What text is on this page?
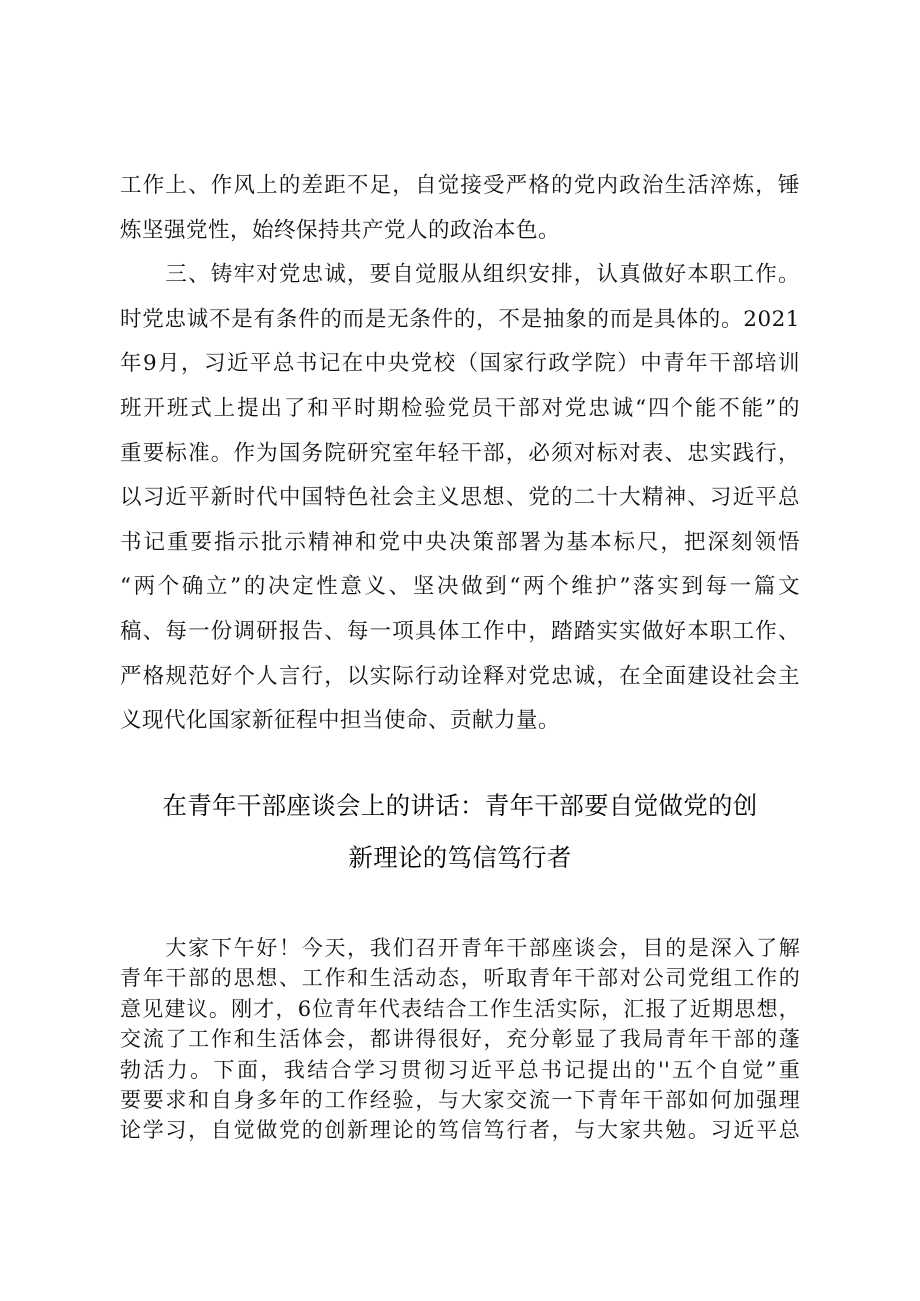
工作上、作风上的差距不足，自觉接受严格的党内政治生活淬炼，锤
炼坚强党性，始终保持共产党人的政治本色。
　　三、铸牢对党忠诚，要自觉服从组织安排，认真做好本职工作。
时党忠诚不是有条件的而是无条件的，不是抽象的而是具体的。2021
年9月，习近平总书记在中央党校（国家行政学院）中青年干部培训
班开班式上提出了和平时期检验党员干部对党忠诚“四个能不能”的
重要标准。作为国务院研究室年轻干部，必须对标对表、忠实践行，
以习近平新时代中国特色社会主义思想、党的二十大精神、习近平总
书记重要指示批示精神和党中央决策部署为基本标尺，把深刻领悟
“两个确立”的决定性意义、坚决做到“两个维护”落实到每一篇文
稿、每一份调研报告、每一项具体工作中，踏踏实实做好本职工作、
严格规范好个人言行，以实际行动诠释对党忠诚，在全面建设社会主
义现代化国家新征程中担当使命、贡献力量。
在青年干部座谈会上的讲话：青年干部要自觉做党的创
新理论的笃信笃行者
　　大家下午好！今天，我们召开青年干部座谈会，目的是深入了解
青年干部的思想、工作和生活动态，听取青年干部对公司党组工作的
意见建议。刚才，6位青年代表结合工作生活实际，汇报了近期思想，
交流了工作和生活体会，都讲得很好，充分彰显了我局青年干部的蓬
勃活力。下面，我结合学习贯彻习近平总书记提出的''五个自觉”重
要要求和自身多年的工作经验，与大家交流一下青年干部如何加强理
论学习，自觉做党的创新理论的笃信笃行者，与大家共勉。习近平总
